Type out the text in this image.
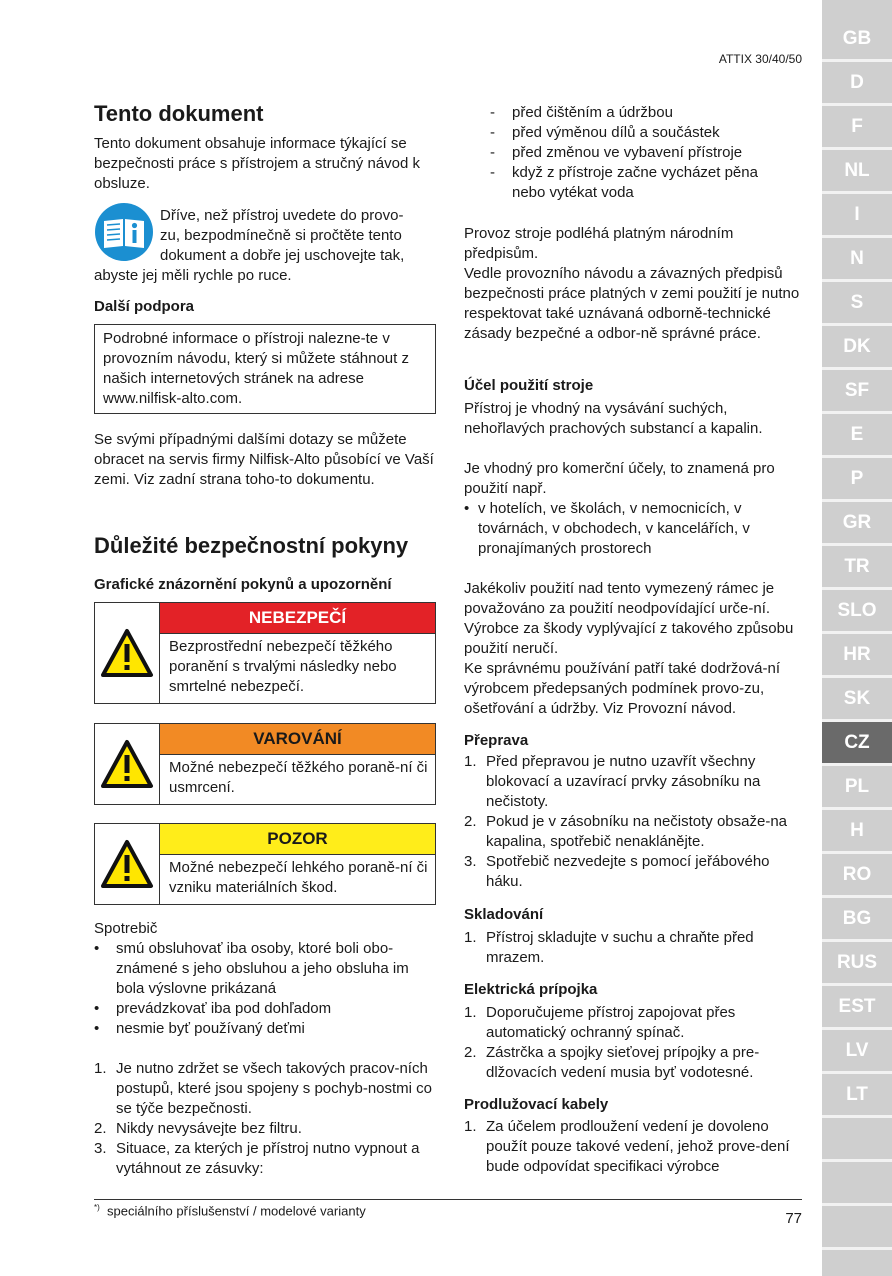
ATTIX 30/40/50
GB
D
F
NL
I
N
S
DK
SF
E
P
GR
TR
SLO
HR
SK
CZ
PL
H
RO
BG
RUS
EST
LV
LT
Tento dokument

Tento dokument obsahuje informace týkající se bezpečnosti práce s přístrojem a stručný návod k obsluze.

Dříve, než přístroj uvedete do provo-
zu, bezpodmínečně si pročtěte tento
dokument a dobře jej uschovejte tak,
abyste jej měli rychle po ruce.
Další podpora
Podrobné informace o přístroji nalezne-te v provozním návodu, který si můžete stáhnout z našich internetových stránek na adrese www.nilfisk-alto.com.

Se svými případnými dalšími dotazy se můžete obracet na servis firmy Nilfisk-Alto působící ve Vaší zemi. Viz zadní strana toho-to dokumentu.

Důležité bezpečnostní pokyny
Grafické znázornění pokynů a upozornění
NEBEZPEČÍ
Bezprostřední nebezpečí těžkého poranění s trvalými následky nebo smrtelné nebezpečí.
VAROVÁNÍ
Možné nebezpečí těžkého poraně-ní či usmrcení.
POZOR
Možné nebezpečí lehkého poraně-ní či vzniku materiálních škod.
Spotrebič
• smú obsluhovať iba osoby, ktoré boli obo-známené s jeho obsluhou a jeho obsluha im bola výslovne prikázaná
• prevádzkovať iba pod dohľadom
• nesmie byť používaný deťmi
1. Je nutno zdržet se všech takových pracov-ních postupů, které jsou spojeny s pochyb-nostmi co se týče bezpečnosti.
2. Nikdy nevysávejte bez filtru.
3. Situace, za kterých je přístroj nutno vypnout a vytáhnout ze zásuvky:
- před čištěním a údržbou
- před výměnou dílů a součástek
- před změnou ve vybavení přístroje
- když z přístroje začne vycházet pěna nebo vytékat voda

Provoz stroje podléhá platným národním předpisům.

Vedle provozního návodu a závazných předpisů bezpečnosti práce platných v zemi použití je nutno respektovat také uznávaná odborně-technické zásady bezpečné a odbor-ně správné práce.

Účel použití stroje

Přístroj je vhodný na vysávání suchých, nehořlavých prachových substancí a kapalin.

Je vhodný pro komerční účely, to znamená pro použití např.

• v hotelích, ve školách, v nemocnicích, v továrnách, v obchodech, v kancelářích, v pronajímaných prostorech

Jakékoliv použití nad tento vymezený rámec je považováno za použití neodpovídající urče-ní. Výrobce za škody vyplývající z takového způsobu použití neručí.

Ke správnému používání patří také dodržová-ní výrobcem předepsaných podmínek provo-zu, ošetřování a údržby. Viz Provozní návod.

Přeprava
1. Před přepravou je nutno uzavřít všechny blokovací a uzavírací prvky zásobníku na nečistoty.
2. Pokud je v zásobníku na nečistoty obsaže-na kapalina, spotřebič nenaklánějte.
3. Spotřebič nezvedejte s pomocí jeřábového háku.
Skladování
1. Přístroj skladujte v suchu a chraňte před mrazem.
Elektrická prípojka
1. Doporučujeme přístroj zapojovat přes automatický ochranný spínač.
2. Zástrčka a spojky sieťovej prípojky a pre-dlžovacích vedení musia byť vodotesné.
Prodlužovací kabely
1. Za účelem prodloužení vedení je dovoleno použít pouze takové vedení, jehož prove-dení bude odpovídat specifikaci výrobce
*) speciálního příslušenství / modelové varianty	77
